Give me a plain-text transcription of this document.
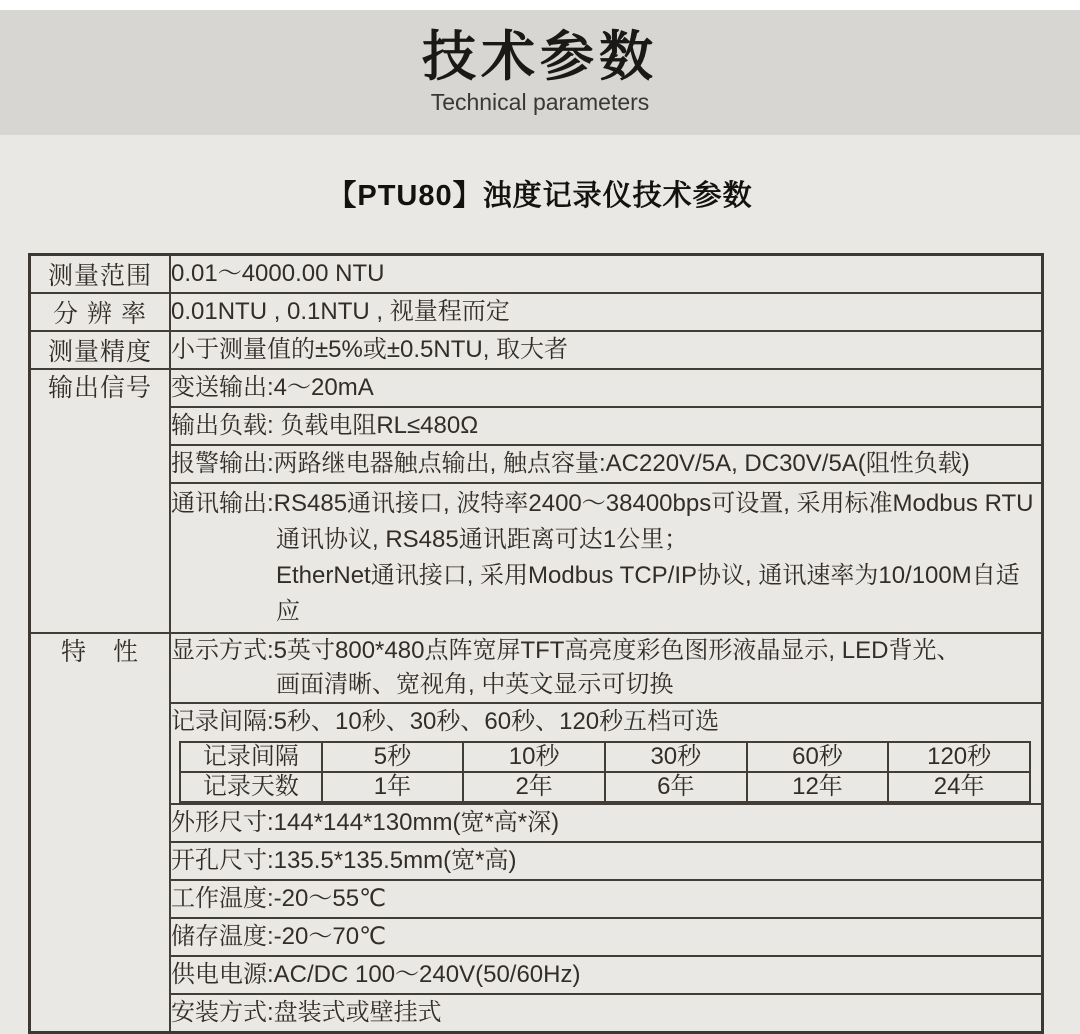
技术参数

Technical parameters

【PTU80】浊度记录仪技术参数
测量范围	0.01～4000.00 NTU
分 辨 率	0.01NTU , 0.1NTU , 视量程而定
测量精度	小于测量值的±5%或±0.5NTU, 取大者
输出信号	变送输出:4～20mA
输出负载: 负载电阻RL≤480Ω
报警输出:两路继电器触点输出, 触点容量:AC220V/5A, DC30V/5A(阻性负载)

通讯输出:RS485通讯接口, 波特率2400～38400bps可设置, 采用标准Modbus RTU
通讯协议, RS485通讯距离可达1公里；
EtherNet通讯接口, 采用Modbus TCP/IP协议, 通讯速率为10/100M自适应

特　性	显示方式:5英寸800*480点阵宽屏TFT高亮度彩色图形液晶显示, LED背光、
画面清晰、宽视角, 中英文显示可切换

记录间隔:5秒、10秒、30秒、60秒、120秒五档可选
记录间隔	5秒	10秒	30秒	60秒	120秒
记录天数	1年	2年	6年	12年	24年

外形尺寸:144*144*130mm(宽*高*深)
开孔尺寸:135.5*135.5mm(宽*高)
工作温度:-20～55℃
储存温度:-20～70℃
供电电源:AC/DC 100～240V(50/60Hz)
安装方式:盘装式或壁挂式
